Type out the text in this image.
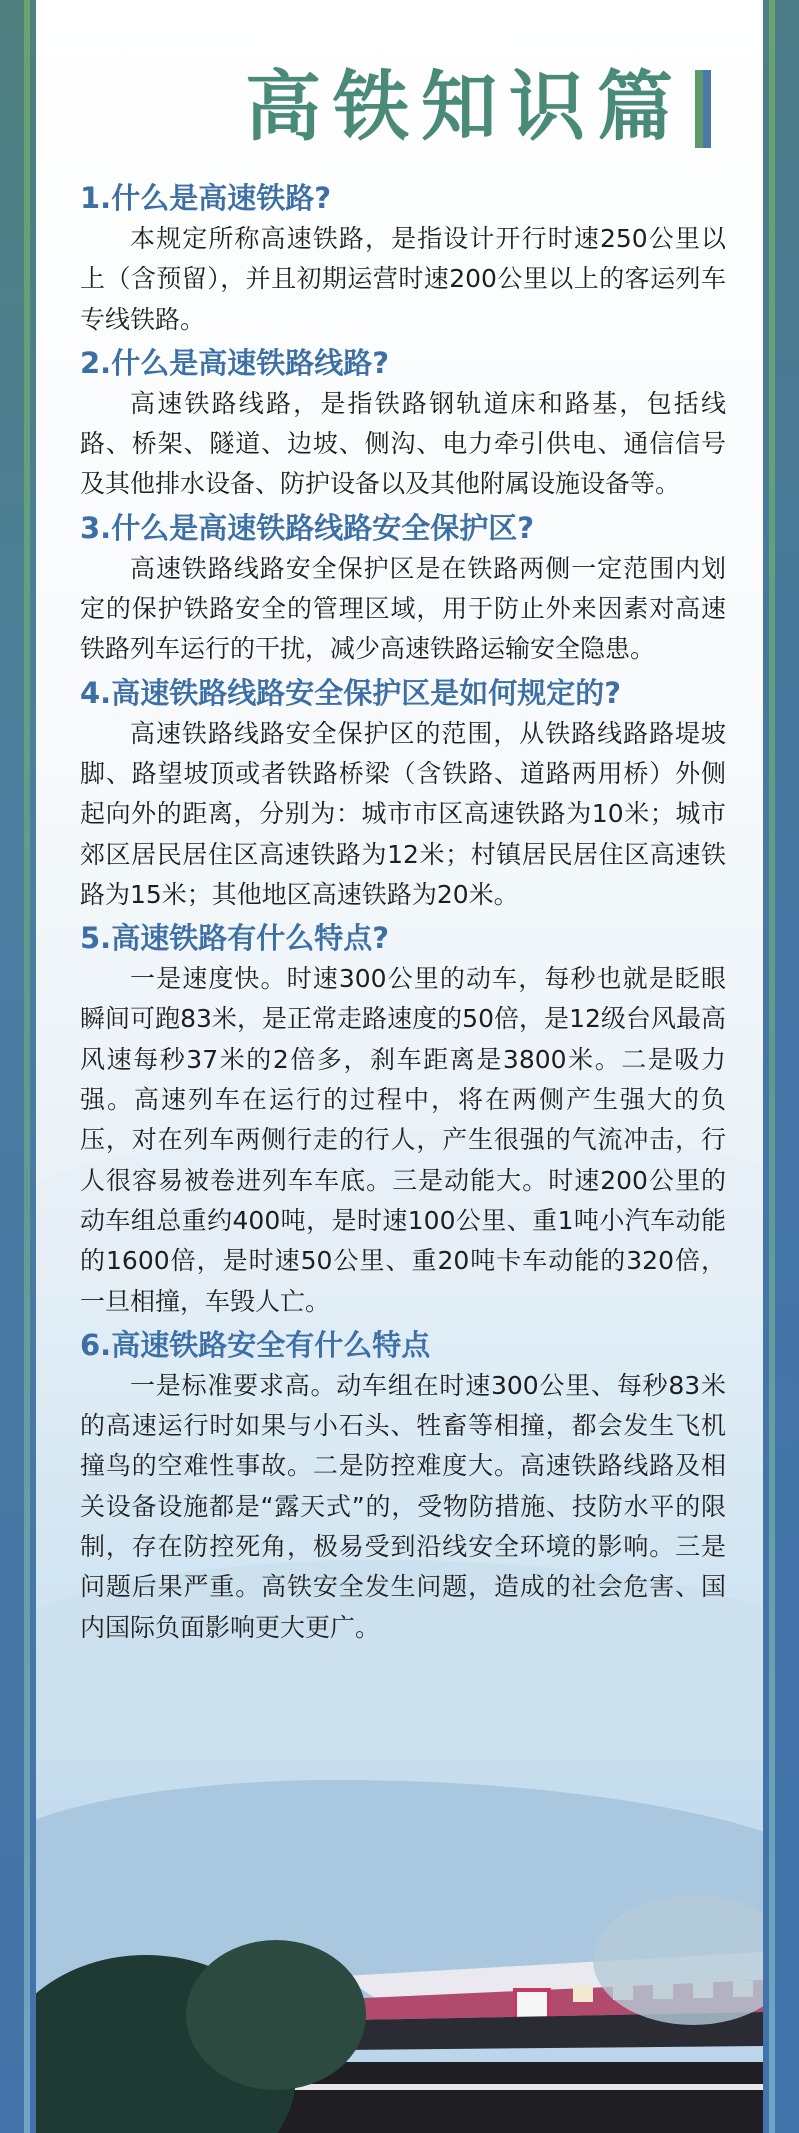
高铁知识篇
1.什么是高速铁路?

本规定所称高速铁路，是指设计开行时速250公里以上（含预留），并且初期运营时速200公里以上的客运列车专线铁路。

2.什么是高速铁路线路?

高速铁路线路，是指铁路钢轨道床和路基，包括线路、桥架、隧道、边坡、侧沟、电力牵引供电、通信信号及其他排水设备、防护设备以及其他附属设施设备等。

3.什么是高速铁路线路安全保护区?

高速铁路线路安全保护区是在铁路两侧一定范围内划定的保护铁路安全的管理区域，用于防止外来因素对高速铁路列车运行的干扰，减少高速铁路运输安全隐患。

4.高速铁路线路安全保护区是如何规定的?

高速铁路线路安全保护区的范围，从铁路线路路堤坡脚、路望坡顶或者铁路桥梁（含铁路、道路两用桥）外侧起向外的距离，分别为：城市市区高速铁路为10米；城市郊区居民居住区高速铁路为12米；村镇居民居住区高速铁路为15米；其他地区高速铁路为20米。

5.高速铁路有什么特点?

一是速度快。时速300公里的动车，每秒也就是眨眼瞬间可跑83米，是正常走路速度的50倍，是12级台风最高风速每秒37米的2倍多，刹车距离是3800米。二是吸力强。高速列车在运行的过程中，将在两侧产生强大的负压，对在列车两侧行走的行人，产生很强的气流冲击，行人很容易被卷进列车车底。三是动能大。时速200公里的动车组总重约400吨，是时速100公里、重1吨小汽车动能的1600倍，是时速50公里、重20吨卡车动能的320倍，一旦相撞，车毁人亡。

6.高速铁路安全有什么特点

一是标准要求高。动车组在时速300公里、每秒83米的高速运行时如果与小石头、牲畜等相撞，都会发生飞机撞鸟的空难性事故。二是防控难度大。高速铁路线路及相关设备设施都是“露天式”的，受物防措施、技防水平的限制，存在防控死角，极易受到沿线安全环境的影响。三是问题后果严重。高铁安全发生问题，造成的社会危害、国内国际负面影响更大更广。
